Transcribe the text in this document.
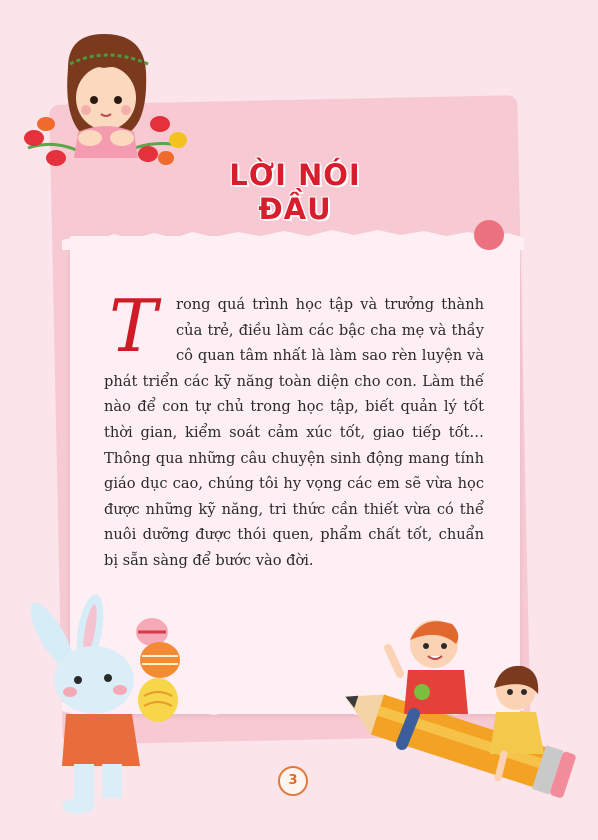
LỜI NÓI ĐẦU

T	rong quá trình học tập và trưởng thành của trẻ, điều làm các bậc cha mẹ và thầy cô quan tâm nhất là làm sao rèn luyện và phát triển các kỹ năng toàn diện cho con. Làm thế nào để con tự chủ trong học tập, biết quản lý tốt thời gian, kiểm soát cảm xúc tốt, giao tiếp tốt… Thông qua những câu chuyện sinh động mang tính giáo dục cao, chúng tôi hy vọng các em sẽ vừa học được những kỹ năng, tri thức cần thiết vừa có thể nuôi dưỡng được thói quen, phẩm chất tốt, chuẩn bị sẵn sàng để bước vào đời.

3
